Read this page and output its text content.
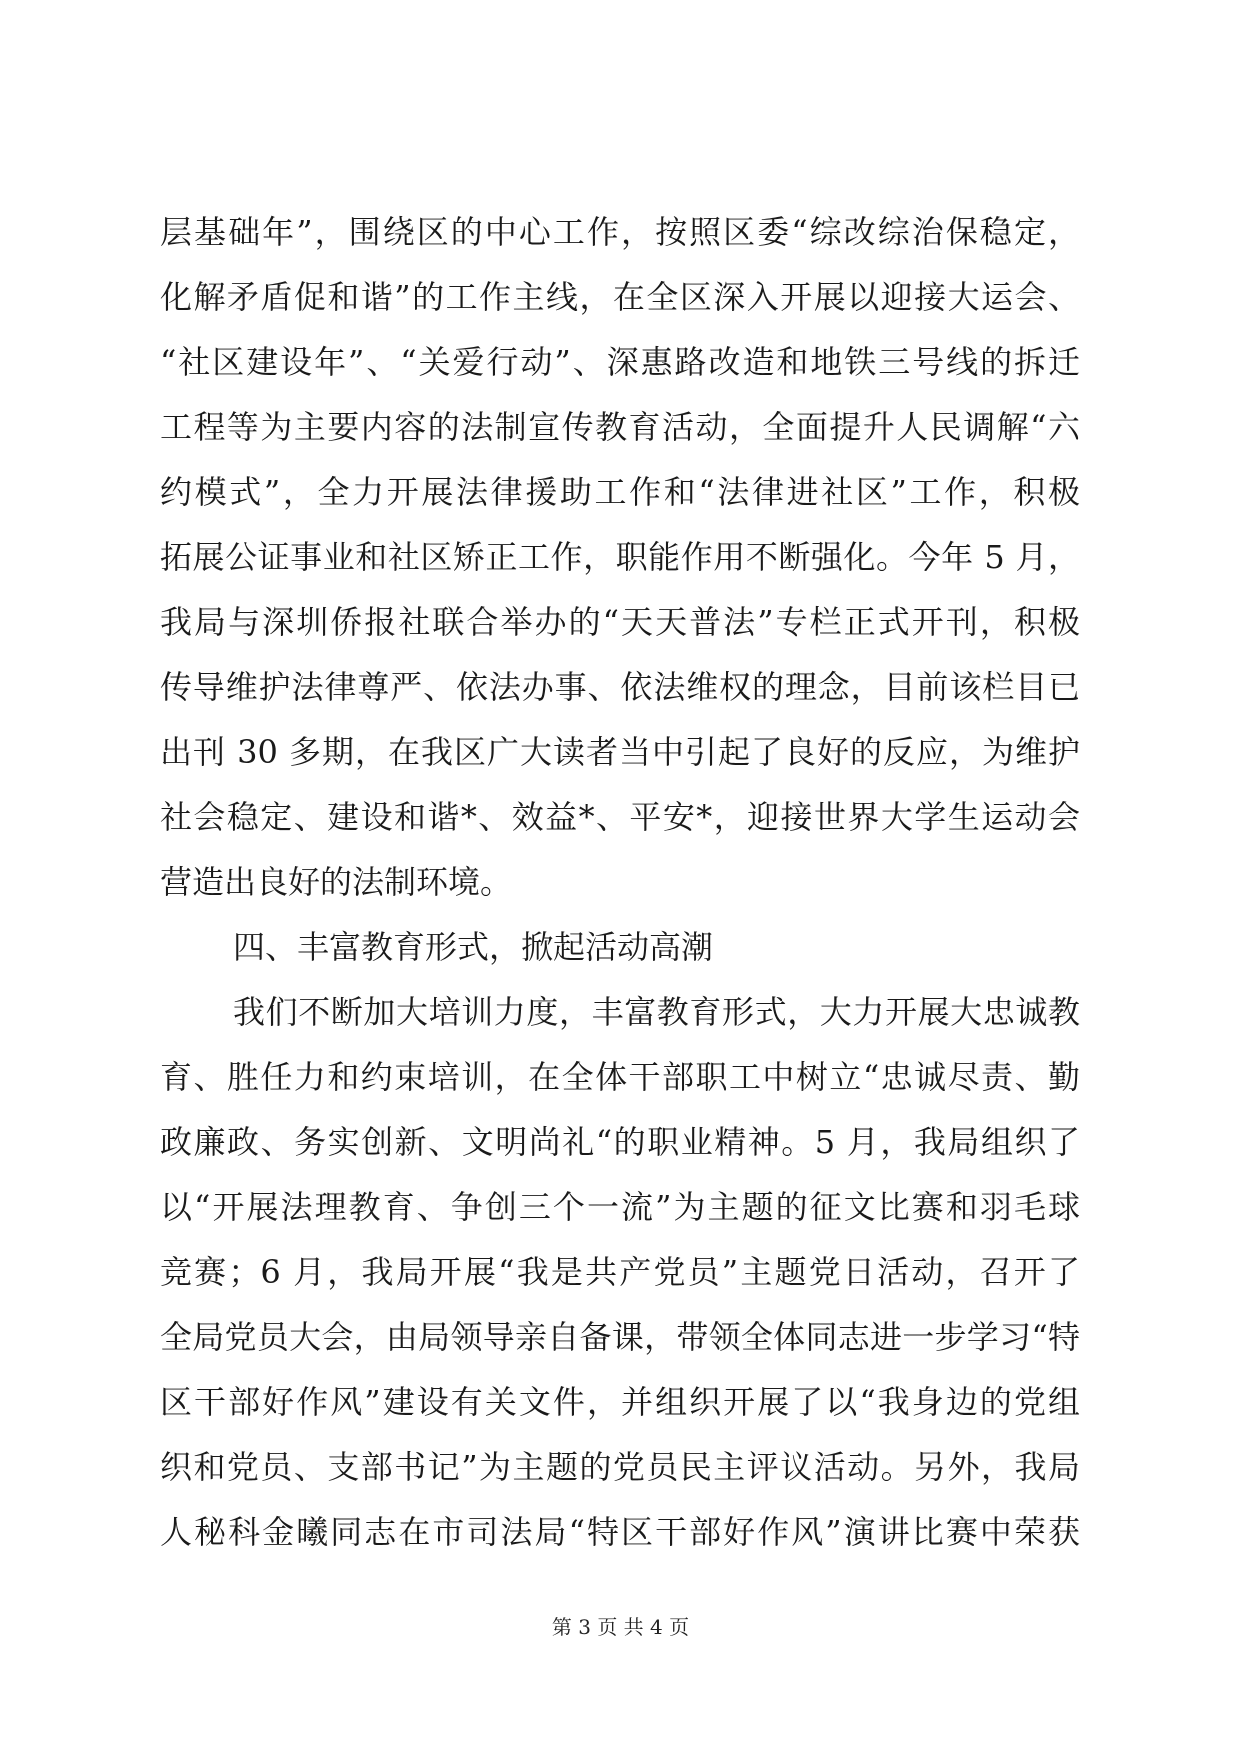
层基础年”，围绕区的中心工作，按照区委“综改综治保稳定，
化解矛盾促和谐”的工作主线，在全区深入开展以迎接大运会、
“社区建设年”、“关爱行动”、深惠路改造和地铁三号线的拆迁
工程等为主要内容的法制宣传教育活动，全面提升人民调解“六
约模式”，全力开展法律援助工作和“法律进社区”工作，积极
拓展公证事业和社区矫正工作，职能作用不断强化。今年 5 月，
我局与深圳侨报社联合举办的“天天普法”专栏正式开刊，积极
传导维护法律尊严、依法办事、依法维权的理念，目前该栏目已
出刊 30 多期，在我区广大读者当中引起了良好的反应，为维护
社会稳定、建设和谐*、效益*、平安*，迎接世界大学生运动会
营造出良好的法制环境。
四、丰富教育形式，掀起活动高潮
我们不断加大培训力度，丰富教育形式，大力开展大忠诚教
育、胜任力和约束培训，在全体干部职工中树立“忠诚尽责、勤
政廉政、务实创新、文明尚礼“的职业精神。5 月，我局组织了
以“开展法理教育、争创三个一流”为主题的征文比赛和羽毛球
竞赛；6 月，我局开展“我是共产党员”主题党日活动，召开了
全局党员大会，由局领导亲自备课，带领全体同志进一步学习“特
区干部好作风”建设有关文件，并组织开展了以“我身边的党组
织和党员、支部书记”为主题的党员民主评议活动。另外，我局
人秘科金曦同志在市司法局“特区干部好作风”演讲比赛中荣获
第 3 页 共 4 页
